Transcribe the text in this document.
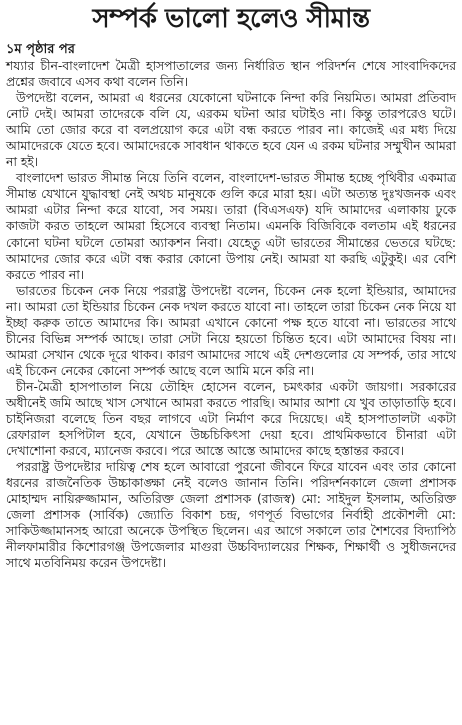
সম্পর্ক ভালো হলেও সীমান্ত
১ম পৃষ্ঠার পর

শয্যার চীন-বাংলাদেশ মৈত্রী হাসপাতালের জন্য নির্ধারিত স্থান পরিদর্শন শেষে সাংবাদিকদের প্রশ্নের জবাবে এসব কথা বলেন তিনি।

উপদেষ্টা বলেন, আমরা এ ধরনের যেকোনো ঘটনাকে নিন্দা করি নিয়মিত। আমরা প্রতিবাদ নোট দেই। আমরা তাদেরকে বলি যে, এরকম ঘটনা আর ঘটাইও না। কিন্তু তারপরেও ঘটে। আমি তো জোর করে বা বলপ্রয়োগ করে এটা বন্ধ করতে পারব না। কাজেই এর মধ্য দিয়ে আমাদেরকে যেতে হবে। আমাদেরকে সাবধান থাকতে হবে যেন এ রকম ঘটনার সম্মুখীন আমরা না হই।

বাংলাদেশ ভারত সীমান্ত নিয়ে তিনি বলেন, বাংলাদেশ-ভারত সীমান্ত হচ্ছে পৃথিবীর একমাত্র সীমান্ত যেখানে যুদ্ধাবস্থা নেই অথচ মানুষকে গুলি করে মারা হয়। এটা অত্যন্ত দুঃখজনক এবং আমরা এটার নিন্দা করে যাবো, সব সময়। তারা (বিএসএফ) যদি আমাদের এলাকায় ঢুকে কাজটা করত তাহলে আমরা হিসেবে ব্যবস্থা নিতাম। এমনকি বিজিবিকে বলতাম এই ধরনের কোনো ঘটনা ঘটলে তোমরা অ্যাকশন নিবা। যেহেতু এটা ভারতের সীমান্তের ভেতরে ঘটছে: আমাদের জোর করে এটা বন্ধ করার কোনো উপায় নেই। আমরা যা করছি এটুকুই। এর বেশি করতে পারব না।

ভারতের চিকেন নেক নিয়ে পররাষ্ট্র উপদেষ্টা বলেন, চিকেন নেক হলো ইন্ডিয়ার, আমাদের না। আমরা তো ইন্ডিয়ার চিকেন নেক দখল করতে যাবো না। তাহলে তারা চিকেন নেক নিয়ে যা ইচ্ছা করুক তাতে আমাদের কি। আমরা এখানে কোনো পক্ষ হতে যাবো না। ভারতের সাথে চীনের বিভিন্ন সম্পর্ক আছে। তারা সেটা নিয়ে হয়তো চিন্তিত হবে। এটা আমাদের বিষয় না। আমরা সেখান থেকে দূরে থাকব। কারণ আমাদের সাথে এই দেশগুলোর যে সম্পর্ক, তার সাথে এই চিকেন নেকের কোনো সম্পর্ক আছে বলে আমি মনে করি না।

চীন-মৈত্রী হাসপাতাল নিয়ে তৌহিদ হোসেন বলেন, চমৎকার একটা জায়গা। সরকারের অধীনেই জমি আছে খাস সেখানে আমরা করতে পারছি। আমার আশা যে খুব তাড়াতাড়ি হবে। চাইনিজরা বলেছে তিন বছর লাগবে এটা নির্মাণ করে দিয়েছে। এই হাসপাতালটা একটা রেফারাল হসপিটাল হবে, যেখানে উচ্চচিকিৎসা দেয়া হবে। প্রাথমিকভাবে চীনারা এটা দেখাশোনা করবে, ম্যানেজ করবে। পরে আস্তে আস্তে আমাদের কাছে হস্তান্তর করবে।

পররাষ্ট্র উপদেষ্টার দায়িত্ব শেষ হলে আবারো পুরনো জীবনে ফিরে যাবেন এবং তার কোনো ধরনের রাজনৈতিক উচ্চাকাঙ্ক্ষা নেই বলেও জানান তিনি। পরিদর্শনকালে জেলা প্রশাসক মোহাম্মদ নায়িরুজ্জামান, অতিরিক্ত জেলা প্রশাসক (রাজস্ব) মো: সাইদুল ইসলাম, অতিরিক্ত জেলা প্রশাসক (সার্বিক) জ্যোতি বিকাশ চন্দ্র, গণপূর্ত বিভাগের নির্বাহী প্রকৌশলী মো: সাকিউজ্জামানসহ আরো অনেকে উপস্থিত ছিলেন। এর আগে সকালে তার শৈশবের বিদ্যাপিঠ নীলফামারীর কিশোরগঞ্জ উপজেলার মাগুরা উচ্চবিদ্যালয়ের শিক্ষক, শিক্ষার্থী ও সুধীজনদের সাথে মতবিনিময় করেন উপদেষ্টা।
